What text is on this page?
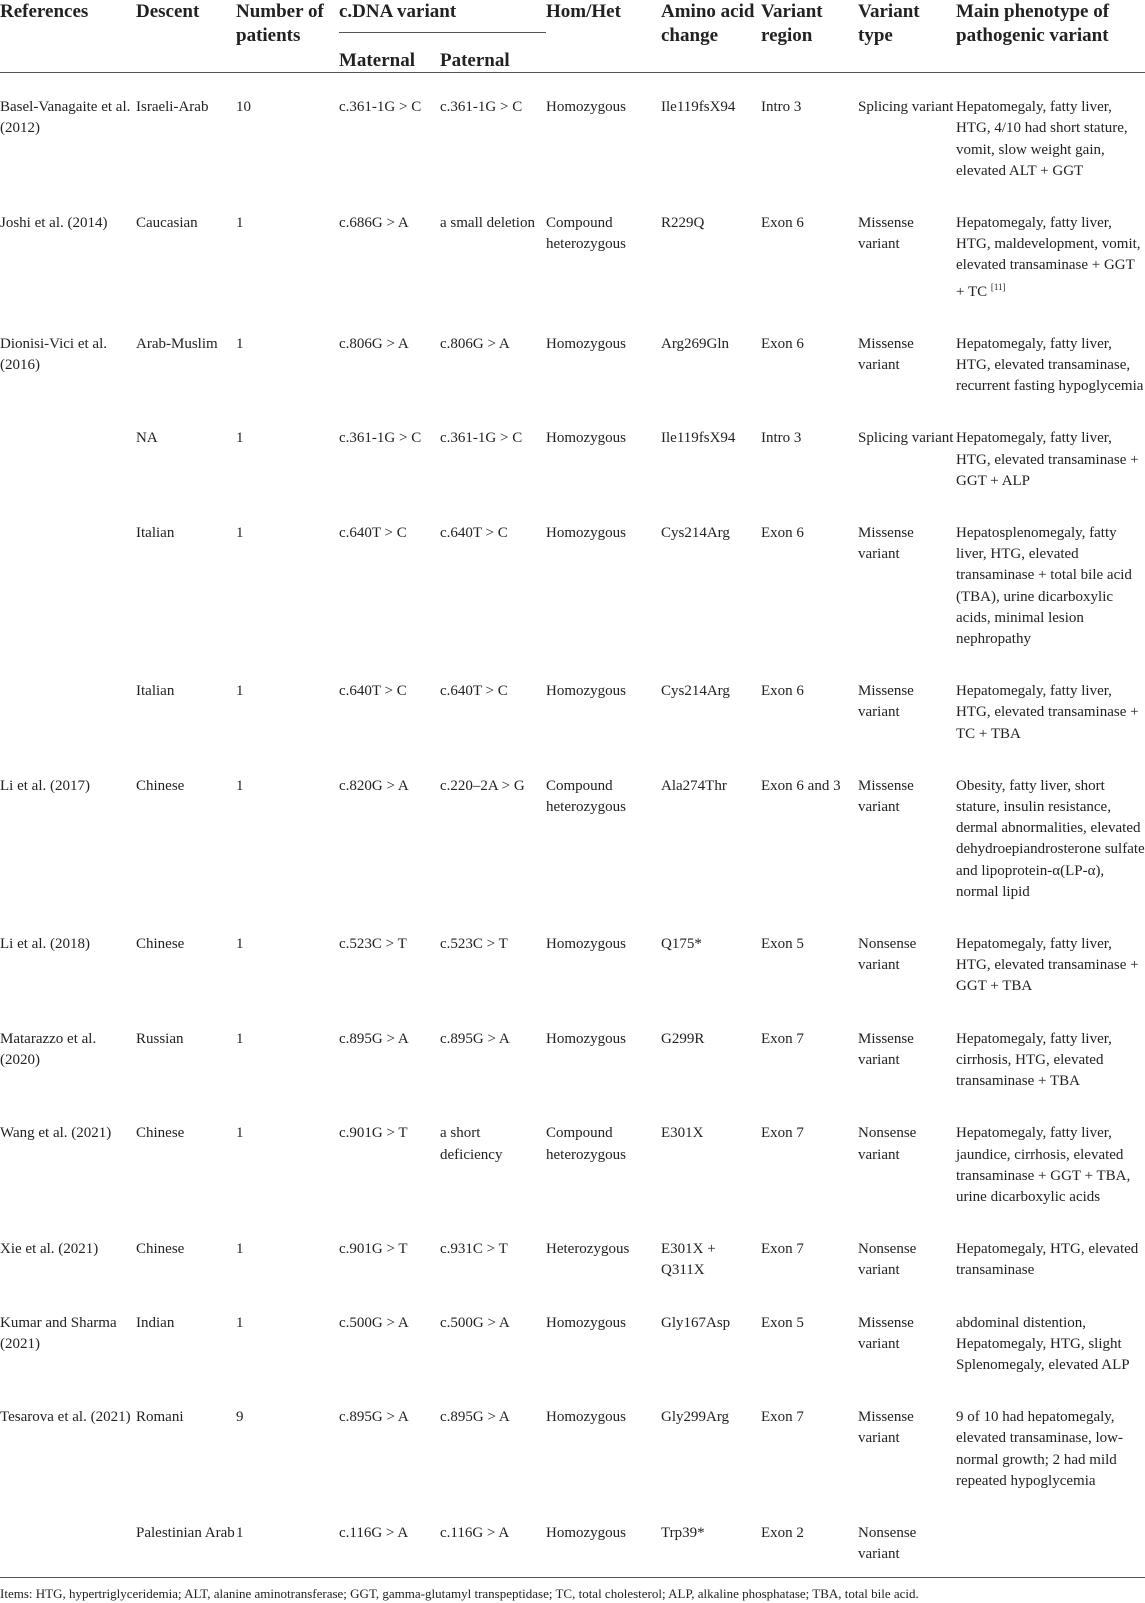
References	Descent	Number of patients	c.DNA variant		Hom/Het	Amino acid change	Variant region	Variant type	Main phenotype of pathogenic variant
			Maternal	Paternal					
Basel-Vanagaite et al. (2012)	Israeli-Arab	10	c.361-1G > C	c.361-1G > C	Homozygous	Ile119fsX94	Intro 3	Splicing variant	Hepatomegaly, fatty liver, HTG, 4/10 had short stature, vomit, slow weight gain, elevated ALT + GGT
Joshi et al. (2014)	Caucasian	1	c.686G > A	a small deletion	Compound heterozygous	R229Q	Exon 6	Missense variant	Hepatomegaly, fatty liver, HTG, maldevelopment, vomit, elevated transaminase + GGT + TC [11]
Dionisi-Vici et al. (2016)	Arab-Muslim	1	c.806G > A	c.806G > A	Homozygous	Arg269Gln	Exon 6	Missense variant	Hepatomegaly, fatty liver, HTG, elevated transaminase, recurrent fasting hypoglycemia
	NA	1	c.361-1G > C	c.361-1G > C	Homozygous	Ile119fsX94	Intro 3	Splicing variant	Hepatomegaly, fatty liver, HTG, elevated transaminase + GGT + ALP
	Italian	1	c.640T > C	c.640T > C	Homozygous	Cys214Arg	Exon 6	Missense variant	Hepatosplenomegaly, fatty liver, HTG, elevated transaminase + total bile acid (TBA), urine dicarboxylic acids, minimal lesion nephropathy
	Italian	1	c.640T > C	c.640T > C	Homozygous	Cys214Arg	Exon 6	Missense variant	Hepatomegaly, fatty liver, HTG, elevated transaminase + TC + TBA
Li et al. (2017)	Chinese	1	c.820G > A	c.220–2A > G	Compound heterozygous	Ala274Thr	Exon 6 and 3	Missense variant	Obesity, fatty liver, short stature, insulin resistance, dermal abnormalities, elevated dehydroepiandrosterone sulfate and lipoprotein-α(LP-α), normal lipid
Li et al. (2018)	Chinese	1	c.523C > T	c.523C > T	Homozygous	Q175*	Exon 5	Nonsense variant	Hepatomegaly, fatty liver, HTG, elevated transaminase + GGT + TBA
Matarazzo et al. (2020)	Russian	1	c.895G > A	c.895G > A	Homozygous	G299R	Exon 7	Missense variant	Hepatomegaly, fatty liver, cirrhosis, HTG, elevated transaminase + TBA
Wang et al. (2021)	Chinese	1	c.901G > T	a short deficiency	Compound heterozygous	E301X	Exon 7	Nonsense variant	Hepatomegaly, fatty liver, jaundice, cirrhosis, elevated transaminase + GGT + TBA, urine dicarboxylic acids
Xie et al. (2021)	Chinese	1	c.901G > T	c.931C > T	Heterozygous	E301X + Q311X	Exon 7	Nonsense variant	Hepatomegaly, HTG, elevated transaminase
Kumar and Sharma (2021)	Indian	1	c.500G > A	c.500G > A	Homozygous	Gly167Asp	Exon 5	Missense variant	abdominal distention, Hepatomegaly, HTG, slight Splenomegaly, elevated ALP
Tesarova et al. (2021)	Romani	9	c.895G > A	c.895G > A	Homozygous	Gly299Arg	Exon 7	Missense variant	9 of 10 had hepatomegaly, elevated transaminase, low-normal growth; 2 had mild repeated hypoglycemia
	Palestinian Arab	1	c.116G > A	c.116G > A	Homozygous	Trp39*	Exon 2	Nonsense variant	
Items: HTG, hypertriglyceridemia; ALT, alanine aminotransferase; GGT, gamma-glutamyl transpeptidase; TC, total cholesterol; ALP, alkaline phosphatase; TBA, total bile acid.
